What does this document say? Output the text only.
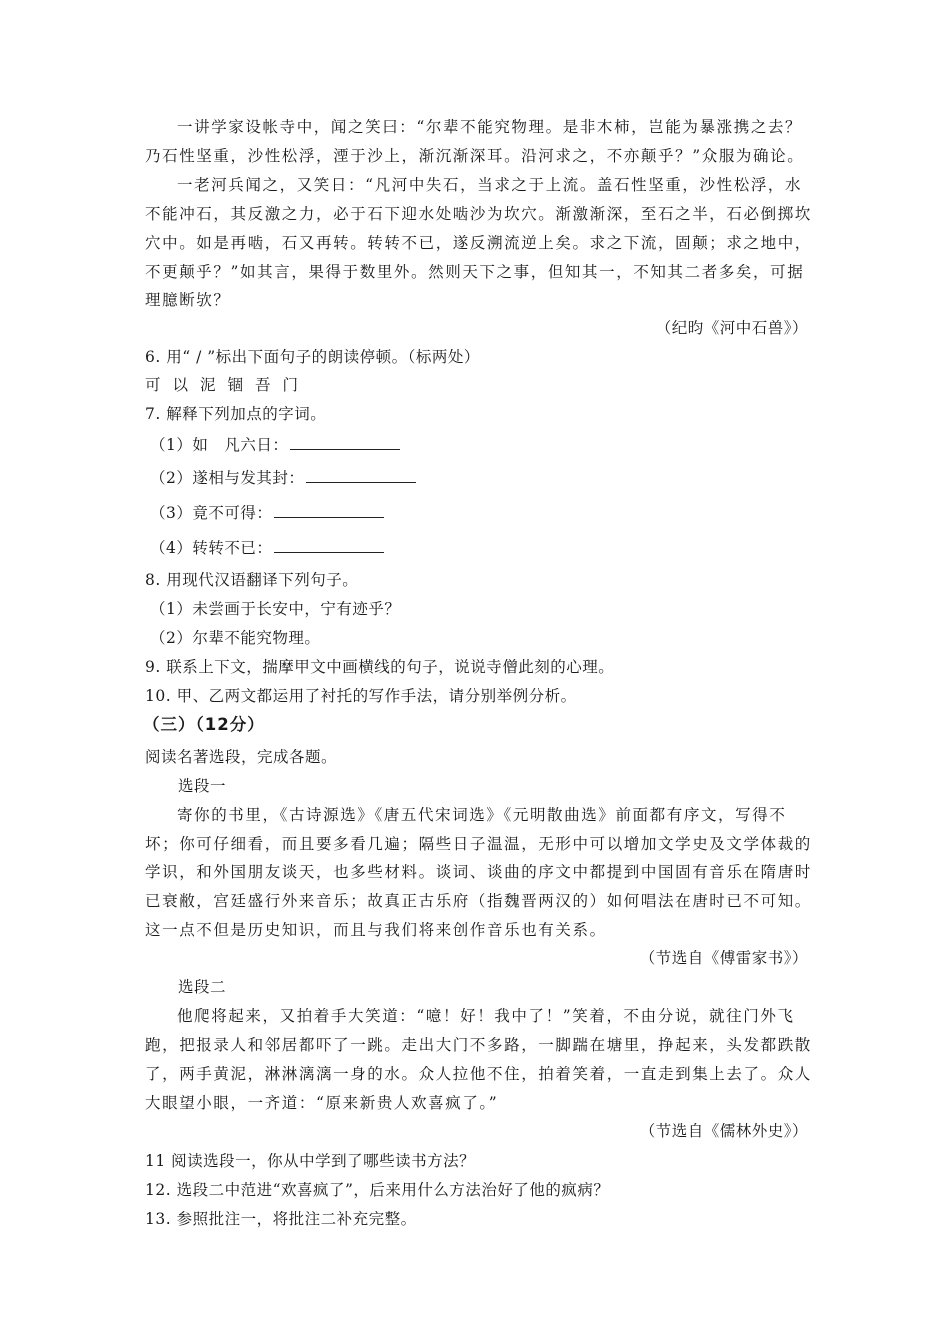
一讲学家设帐寺中，闻之笑曰：“尔辈不能究物理。是非木柿，岂能为暴涨携之去？
乃石性坚重，沙性松浮，湮于沙上，渐沉渐深耳。沿河求之，不亦颠乎？”众服为确论。
一老河兵闻之，又笑日：“凡河中失石，当求之于上流。盖石性坚重，沙性松浮，水
不能冲石，其反激之力，必于石下迎水处啮沙为坎穴。渐激渐深，至石之半，石必倒掷坎
穴中。如是再啮，石又再转。转转不已，遂反溯流逆上矣。求之下流，固颠；求之地中，
不更颠乎？”如其言，果得于数里外。然则天下之事，但知其一，不知其二者多矣，可据
理臆断欤？
（纪昀《河中石兽》）
6. 用“ / ”标出下面句子的朗读停顿。（标两处）
可以泥锢吾门
7. 解释下列加点的字词。
（1）如　凡六日：
（2）遂相与发其封：
（3）竟不可得：
（4）转转不已：
8. 用现代汉语翻译下列句子。
（1）未尝画于长安中，宁有迹乎？
（2）尔辈不能究物理。
9. 联系上下文，揣摩甲文中画横线的句子，说说寺僧此刻的心理。
10. 甲、乙两文都运用了衬托的写作手法，请分别举例分析。
（三）（12分）
阅读名著选段，完成各题。
选段一
寄你的书里，《古诗源选》《唐五代宋词选》《元明散曲选》前面都有序文，写得不
坏；你可仔细看，而且要多看几遍；隔些日子温温，无形中可以增加文学史及文学体裁的
学识，和外国朋友谈天，也多些材料。谈词、谈曲的序文中都提到中国固有音乐在隋唐时
已衰敝，宫廷盛行外来音乐；故真正古乐府（指魏晋两汉的）如何唱法在唐时已不可知。
这一点不但是历史知识，而且与我们将来创作音乐也有关系。
（节选自《傅雷家书》）
选段二
他爬将起来，又拍着手大笑道：“噫！好！我中了！”笑着，不由分说，就往门外飞
跑，把报录人和邻居都吓了一跳。走出大门不多路，一脚踹在塘里，挣起来，头发都跌散
了，两手黄泥，淋淋漓漓一身的水。众人拉他不住，拍着笑着，一直走到集上去了。众人
大眼望小眼，一齐道：“原来新贵人欢喜疯了。”
（节选自《儒林外史》）
11 阅读选段一，你从中学到了哪些读书方法？
12. 选段二中范进“欢喜疯了”，后来用什么方法治好了他的疯病？
13. 参照批注一，将批注二补充完整。
